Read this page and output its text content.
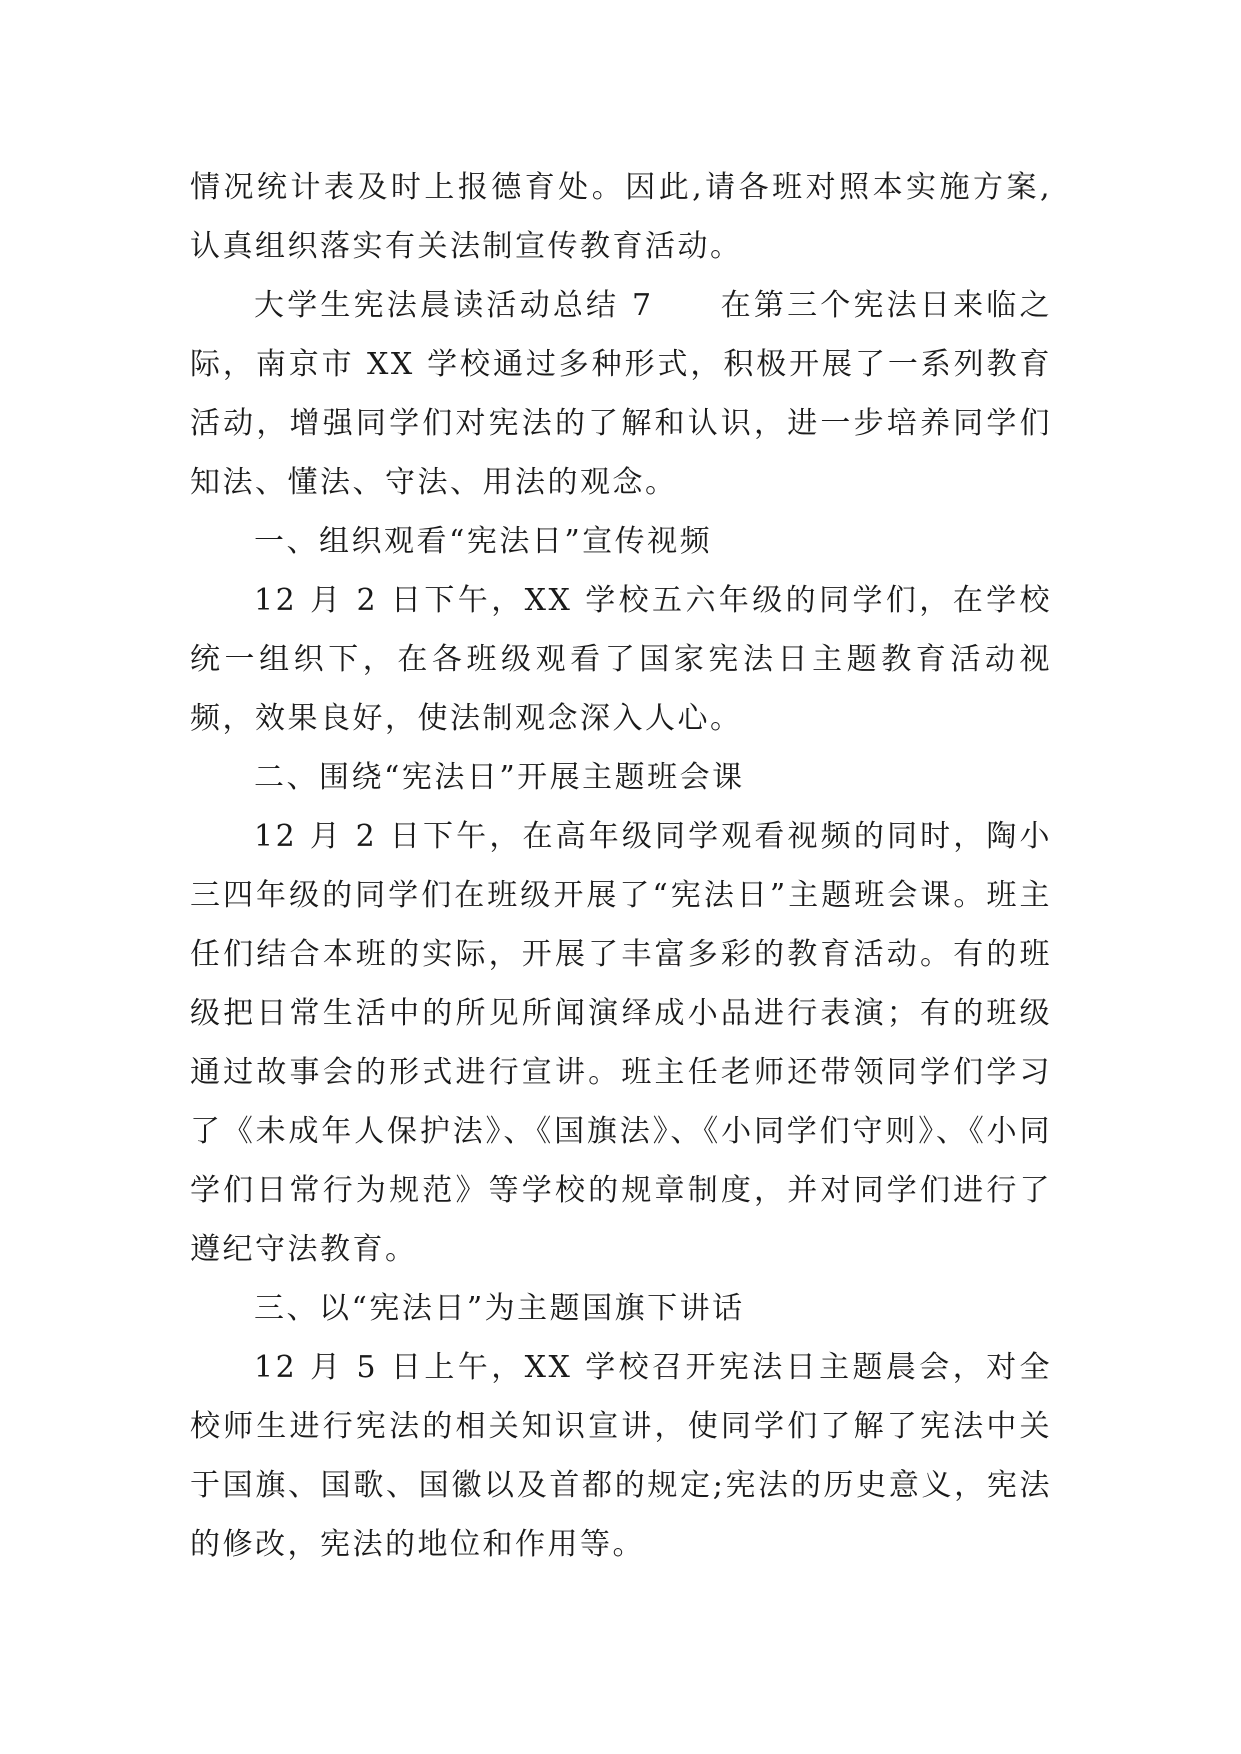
情况统计表及时上报德育处。因此,请各班对照本实施方案,认真组织落实有关法制宣传教育活动。

大学生宪法晨读活动总结 7　　在第三个宪法日来临之际，南京市 XX 学校通过多种形式，积极开展了一系列教育活动，增强同学们对宪法的了解和认识，进一步培养同学们知法、懂法、守法、用法的观念。

一、组织观看“宪法日”宣传视频

12 月 2 日下午，XX 学校五六年级的同学们，在学校统一组织下，在各班级观看了国家宪法日主题教育活动视频，效果良好，使法制观念深入人心。

二、围绕“宪法日”开展主题班会课

12 月 2 日下午，在高年级同学观看视频的同时，陶小三四年级的同学们在班级开展了“宪法日”主题班会课。班主任们结合本班的实际，开展了丰富多彩的教育活动。有的班级把日常生活中的所见所闻演绎成小品进行表演；有的班级通过故事会的形式进行宣讲。班主任老师还带领同学们学习了《未成年人保护法》、《国旗法》、《小同学们守则》、《小同学们日常行为规范》等学校的规章制度，并对同学们进行了遵纪守法教育。

三、以“宪法日”为主题国旗下讲话

12 月 5 日上午，XX 学校召开宪法日主题晨会，对全校师生进行宪法的相关知识宣讲，使同学们了解了宪法中关于国旗、国歌、国徽以及首都的规定;宪法的历史意义，宪法的修改，宪法的地位和作用等。
